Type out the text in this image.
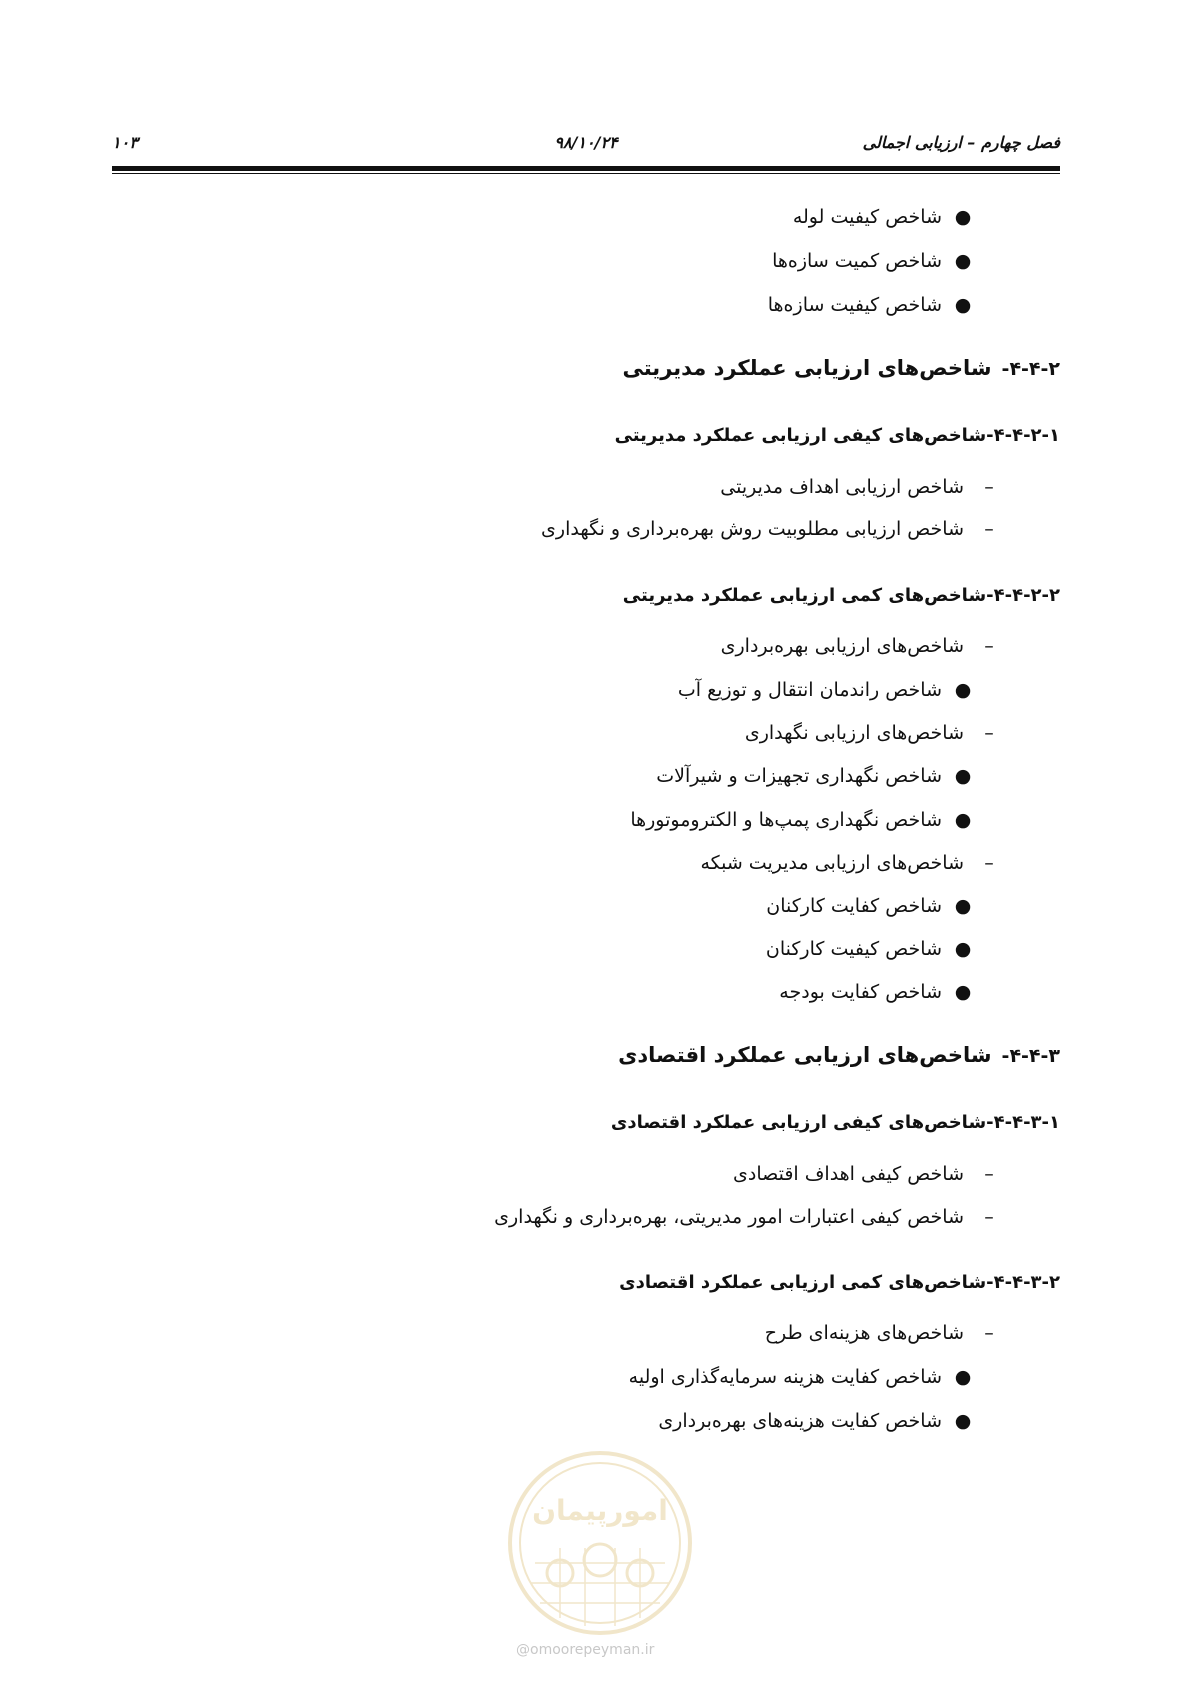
فصل چهارم – ارزیابی اجمالی
۹۸/۱۰/۲۴
۱۰۳
●شاخص کیفیت لوله
●شاخص کمیت سازه‌ها
●شاخص کیفیت سازه‌ها
۴-۴-۲-شاخص‌های ارزیابی عملکرد مدیریتی
۴-۴-۲-۱-شاخص‌های کیفی ارزیابی عملکرد مدیریتی
–شاخص ارزیابی اهداف مدیریتی
–شاخص ارزیابی مطلوبیت روش بهره‌برداری و نگهداری
۴-۴-۲-۲-شاخص‌های کمی ارزیابی عملکرد مدیریتی
–شاخص‌های ارزیابی بهره‌برداری
●شاخص راندمان انتقال و توزیع آب
–شاخص‌های ارزیابی نگهداری
●شاخص نگهداری تجهیزات و شیرآلات
●شاخص نگهداری پمپ‌ها و الکتروموتورها
–شاخص‌های ارزیابی مدیریت شبکه
●شاخص کفایت کارکنان
●شاخص کیفیت کارکنان
●شاخص کفایت بودجه
۴-۴-۳-شاخص‌های ارزیابی عملکرد اقتصادی
۴-۴-۳-۱-شاخص‌های کیفی ارزیابی عملکرد اقتصادی
–شاخص کیفی اهداف اقتصادی
–شاخص کیفی اعتبارات امور مدیریتی، بهره‌برداری و نگهداری
۴-۴-۳-۲-شاخص‌های کمی ارزیابی عملکرد اقتصادی
–شاخص‌های هزینه‌ای طرح
●شاخص کفایت هزینه سرمایه‌گذاری اولیه
●شاخص کفایت هزینه‌های بهره‌برداری
امورپیمان
@omoorepeyman.ir
